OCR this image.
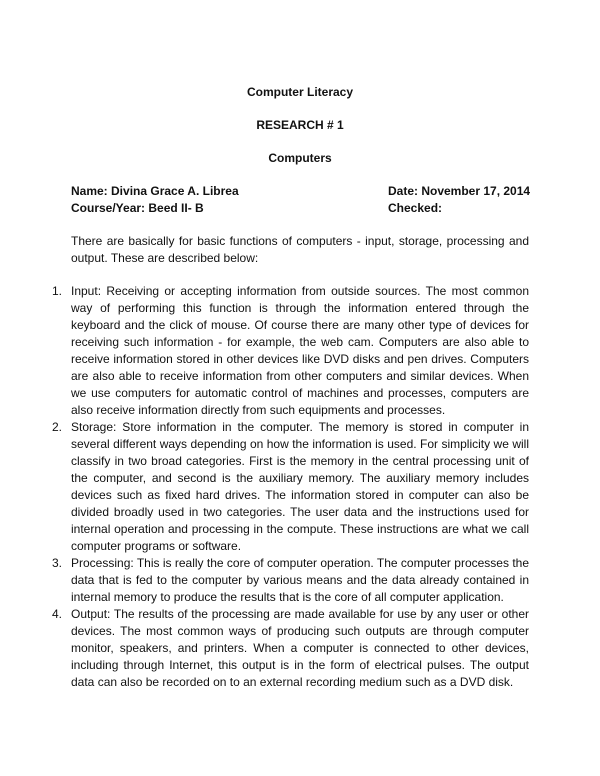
Computer Literacy
RESEARCH # 1
Computers
Name: Divina Grace A. Librea	Date: November 17, 2014
Course/Year: Beed II- B	Checked:

There are basically for basic functions of computers - input, storage, processing and output. These are described below:

1. Input: Receiving or accepting information from outside sources. The most common way of performing this function is through the information entered through the keyboard and the click of mouse. Of course there are many other type of devices for receiving such information - for example, the web cam. Computers are also able to receive information stored in other devices like DVD disks and pen drives. Computers are also able to receive information from other computers and similar devices. When we use computers for automatic control of machines and processes, computers are also receive information directly from such equipments and processes.
2. Storage: Store information in the computer. The memory is stored in computer in several different ways depending on how the information is used. For simplicity we will classify in two broad categories. First is the memory in the central processing unit of the computer, and second is the auxiliary memory. The auxiliary memory includes devices such as fixed hard drives. The information stored in computer can also be divided broadly used in two categories. The user data and the instructions used for internal operation and processing in the compute. These instructions are what we call computer programs or software.
3. Processing: This is really the core of computer operation. The computer processes the data that is fed to the computer by various means and the data already contained in internal memory to produce the results that is the core of all computer application.
4. Output: The results of the processing are made available for use by any user or other devices. The most common ways of producing such outputs are through computer monitor, speakers, and printers. When a computer is connected to other devices, including through Internet, this output is in the form of electrical pulses. The output data can also be recorded on to an external recording medium such as a DVD disk.
